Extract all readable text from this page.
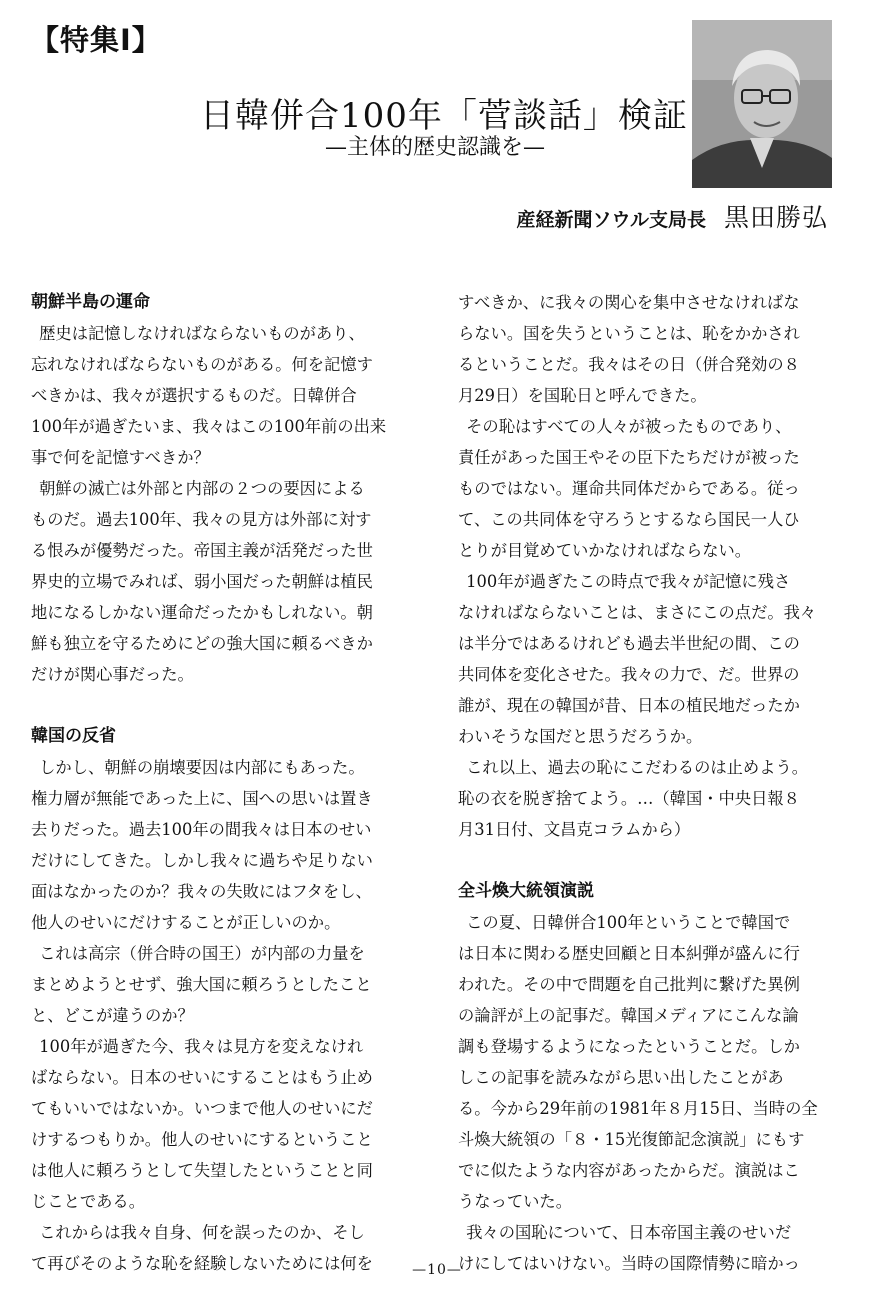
【特集Ⅰ】
日韓併合100年「菅談話」検証
—主体的歴史認識を—
産経新聞ソウル支局長 黒田勝弘
朝鮮半島の運命
歴史は記憶しなければならないものがあり、
忘れなければならないものがある。何を記憶す
べきかは、我々が選択するものだ。日韓併合
100年が過ぎたいま、我々はこの100年前の出来
事で何を記憶すべきか？
朝鮮の滅亡は外部と内部の２つの要因による
ものだ。過去100年、我々の見方は外部に対す
る恨みが優勢だった。帝国主義が活発だった世
界史的立場でみれば、弱小国だった朝鮮は植民
地になるしかない運命だったかもしれない。朝
鮮も独立を守るためにどの強大国に頼るべきか
だけが関心事だった。
韓国の反省
しかし、朝鮮の崩壊要因は内部にもあった。
権力層が無能であった上に、国への思いは置き
去りだった。過去100年の間我々は日本のせい
だけにしてきた。しかし我々に過ちや足りない
面はなかったのか？我々の失敗にはフタをし、
他人のせいにだけすることが正しいのか。
これは高宗（併合時の国王）が内部の力量を
まとめようとせず、強大国に頼ろうとしたこと
と、どこが違うのか？
100年が過ぎた今、我々は見方を変えなけれ
ばならない。日本のせいにすることはもう止め
てもいいではないか。いつまで他人のせいにだ
けするつもりか。他人のせいにするということ
は他人に頼ろうとして失望したということと同
じことである。
これからは我々自身、何を誤ったのか、そし
て再びそのような恥を経験しないためには何を
すべきか、に我々の関心を集中させなければな
らない。国を失うということは、恥をかかされ
るということだ。我々はその日（併合発効の８
月29日）を国恥日と呼んできた。
その恥はすべての人々が被ったものであり、
責任があった国王やその臣下たちだけが被った
ものではない。運命共同体だからである。従っ
て、この共同体を守ろうとするなら国民一人ひ
とりが目覚めていかなければならない。
100年が過ぎたこの時点で我々が記憶に残さ
なければならないことは、まさにこの点だ。我々
は半分ではあるけれども過去半世紀の間、この
共同体を変化させた。我々の力で、だ。世界の
誰が、現在の韓国が昔、日本の植民地だったか
わいそうな国だと思うだろうか。
これ以上、過去の恥にこだわるのは止めよう。
恥の衣を脱ぎ捨てよう。…（韓国・中央日報８
月31日付、文昌克コラムから）
全斗煥大統領演説
この夏、日韓併合100年ということで韓国で
は日本に関わる歴史回顧と日本糾弾が盛んに行
われた。その中で問題を自己批判に繋げた異例
の論評が上の記事だ。韓国メディアにこんな論
調も登場するようになったということだ。しか
しこの記事を読みながら思い出したことがあ
る。今から29年前の1981年８月15日、当時の全
斗煥大統領の「８・15光復節記念演説」にもす
でに似たような内容があったからだ。演説はこ
うなっていた。
我々の国恥について、日本帝国主義のせいだ
けにしてはいけない。当時の国際情勢に暗かっ
—10—
